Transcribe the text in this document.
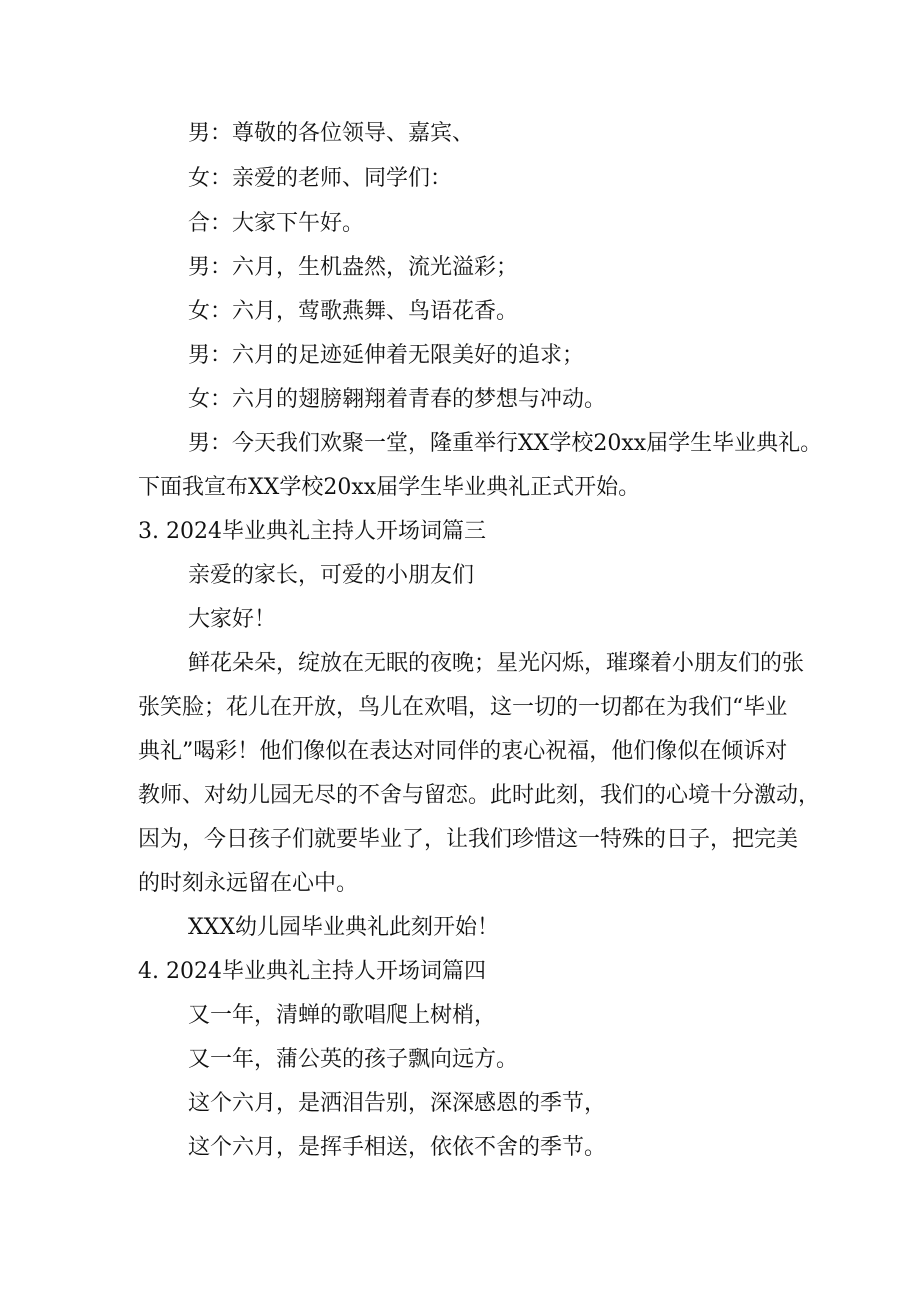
男：尊敬的各位领导、嘉宾、
女：亲爱的老师、同学们：
合：大家下午好。
男：六月，生机盎然，流光溢彩；
女：六月，莺歌燕舞、鸟语花香。
男：六月的足迹延伸着无限美好的追求；
女：六月的翅膀翱翔着青春的梦想与冲动。
男：今天我们欢聚一堂，隆重举行XX学校20xx届学生毕业典礼。
下面我宣布XX学校20xx届学生毕业典礼正式开始。
3. 2024毕业典礼主持人开场词篇三
亲爱的家长，可爱的小朋友们
大家好！
鲜花朵朵，绽放在无眠的夜晚；星光闪烁，璀璨着小朋友们的张
张笑脸；花儿在开放，鸟儿在欢唱，这一切的一切都在为我们“毕业
典礼”喝彩！他们像似在表达对同伴的衷心祝福，他们像似在倾诉对
教师、对幼儿园无尽的不舍与留恋。此时此刻，我们的心境十分激动，
因为，今日孩子们就要毕业了，让我们珍惜这一特殊的日子，把完美
的时刻永远留在心中。
XXX幼儿园毕业典礼此刻开始！
4. 2024毕业典礼主持人开场词篇四
又一年，清蝉的歌唱爬上树梢，
又一年，蒲公英的孩子飘向远方。
这个六月，是洒泪告别，深深感恩的季节，
这个六月，是挥手相送，依依不舍的季节。
